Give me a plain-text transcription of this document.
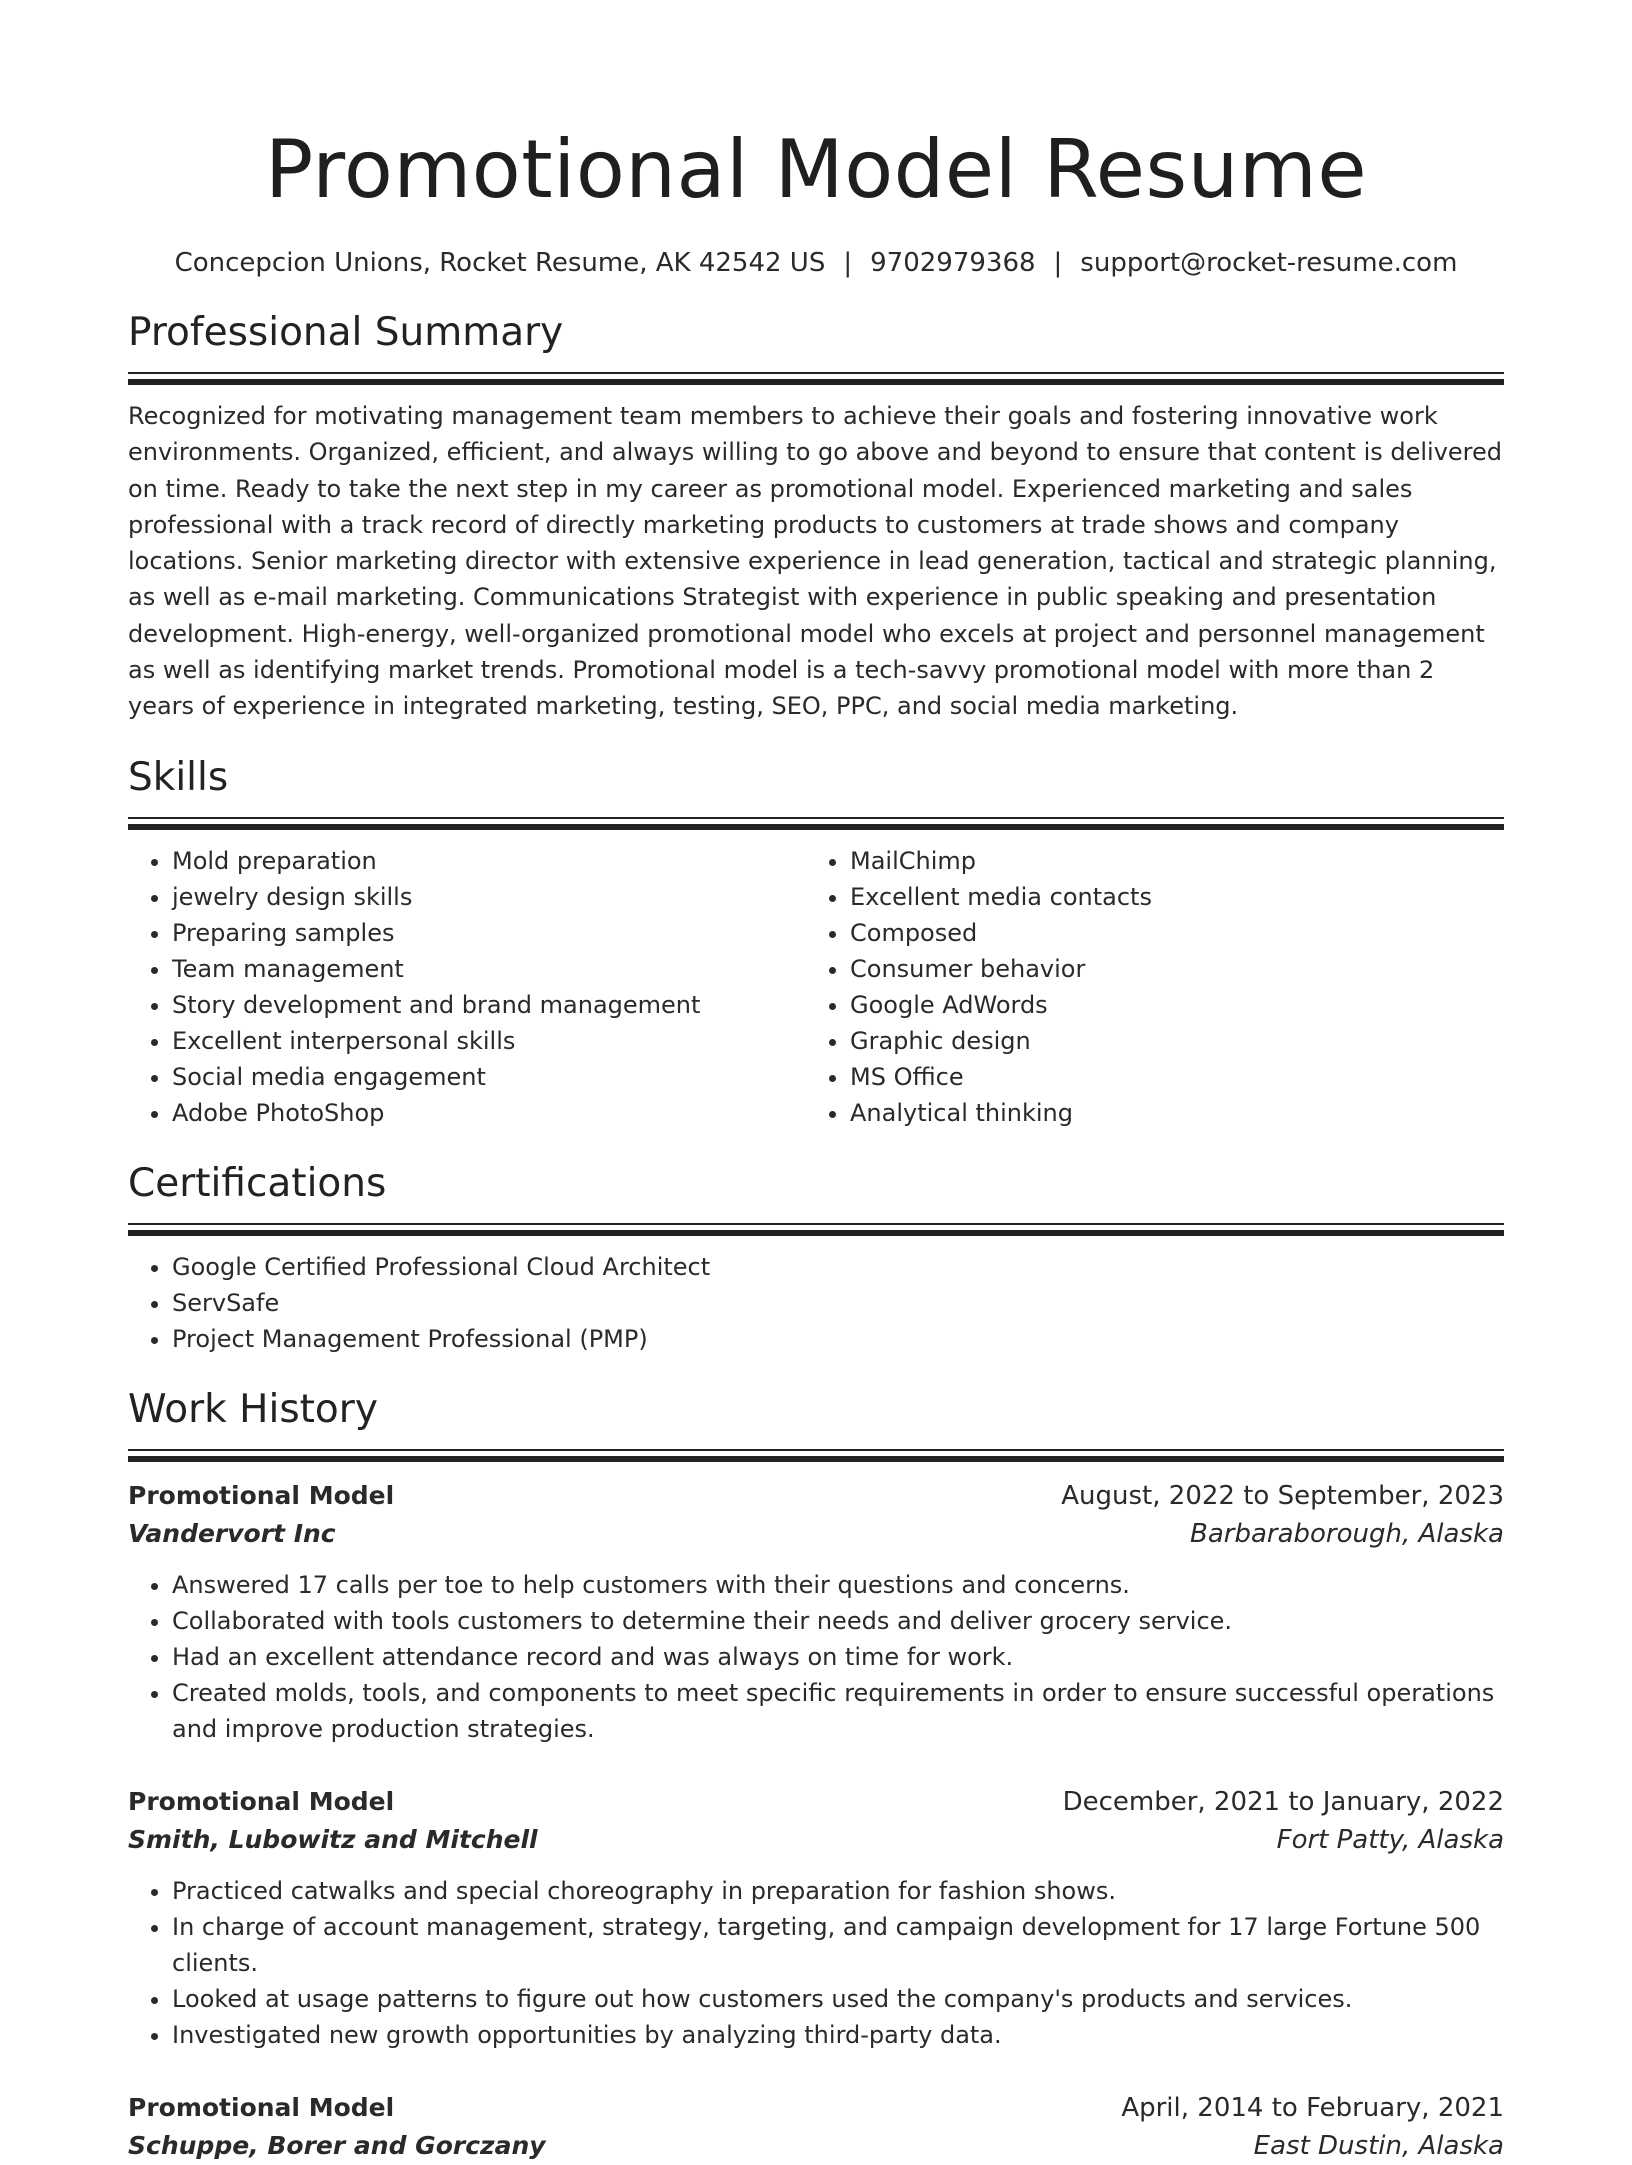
Promotional Model Resume
Concepcion Unions, Rocket Resume, AK 42542 US | 9702979368 | support@rocket-resume.com
Professional Summary
Recognized for motivating management team members to achieve their goals and fostering innovative work environments. Organized, efficient, and always willing to go above and beyond to ensure that content is delivered on time. Ready to take the next step in my career as promotional model. Experienced marketing and sales professional with a track record of directly marketing products to customers at trade shows and company locations. Senior marketing director with extensive experience in lead generation, tactical and strategic planning, as well as e-mail marketing. Communications Strategist with experience in public speaking and presentation development. High-energy, well-organized promotional model who excels at project and personnel management as well as identifying market trends. Promotional model is a tech-savvy promotional model with more than 2 years of experience in integrated marketing, testing, SEO, PPC, and social media marketing.
Skills
• Mold preparation
• jewelry design skills
• Preparing samples
• Team management
• Story development and brand management
• Excellent interpersonal skills
• Social media engagement
• Adobe PhotoShop
• MailChimp
• Excellent media contacts
• Composed
• Consumer behavior
• Google AdWords
• Graphic design
• MS Office
• Analytical thinking
Certifications
• Google Certified Professional Cloud Architect
• ServSafe
• Project Management Professional (PMP)
Work History
Promotional Model	August, 2022 to September, 2023
Vandervort Inc	Barbaraborough, Alaska
• Answered 17 calls per toe to help customers with their questions and concerns.
• Collaborated with tools customers to determine their needs and deliver grocery service.
• Had an excellent attendance record and was always on time for work.
• Created molds, tools, and components to meet specific requirements in order to ensure successful operations and improve production strategies.
Promotional Model	December, 2021 to January, 2022
Smith, Lubowitz and Mitchell	Fort Patty, Alaska
• Practiced catwalks and special choreography in preparation for fashion shows.
• In charge of account management, strategy, targeting, and campaign development for 17 large Fortune 500 clients.
• Looked at usage patterns to figure out how customers used the company's products and services.
• Investigated new growth opportunities by analyzing third-party data.
Promotional Model	April, 2014 to February, 2021
Schuppe, Borer and Gorczany	East Dustin, Alaska
